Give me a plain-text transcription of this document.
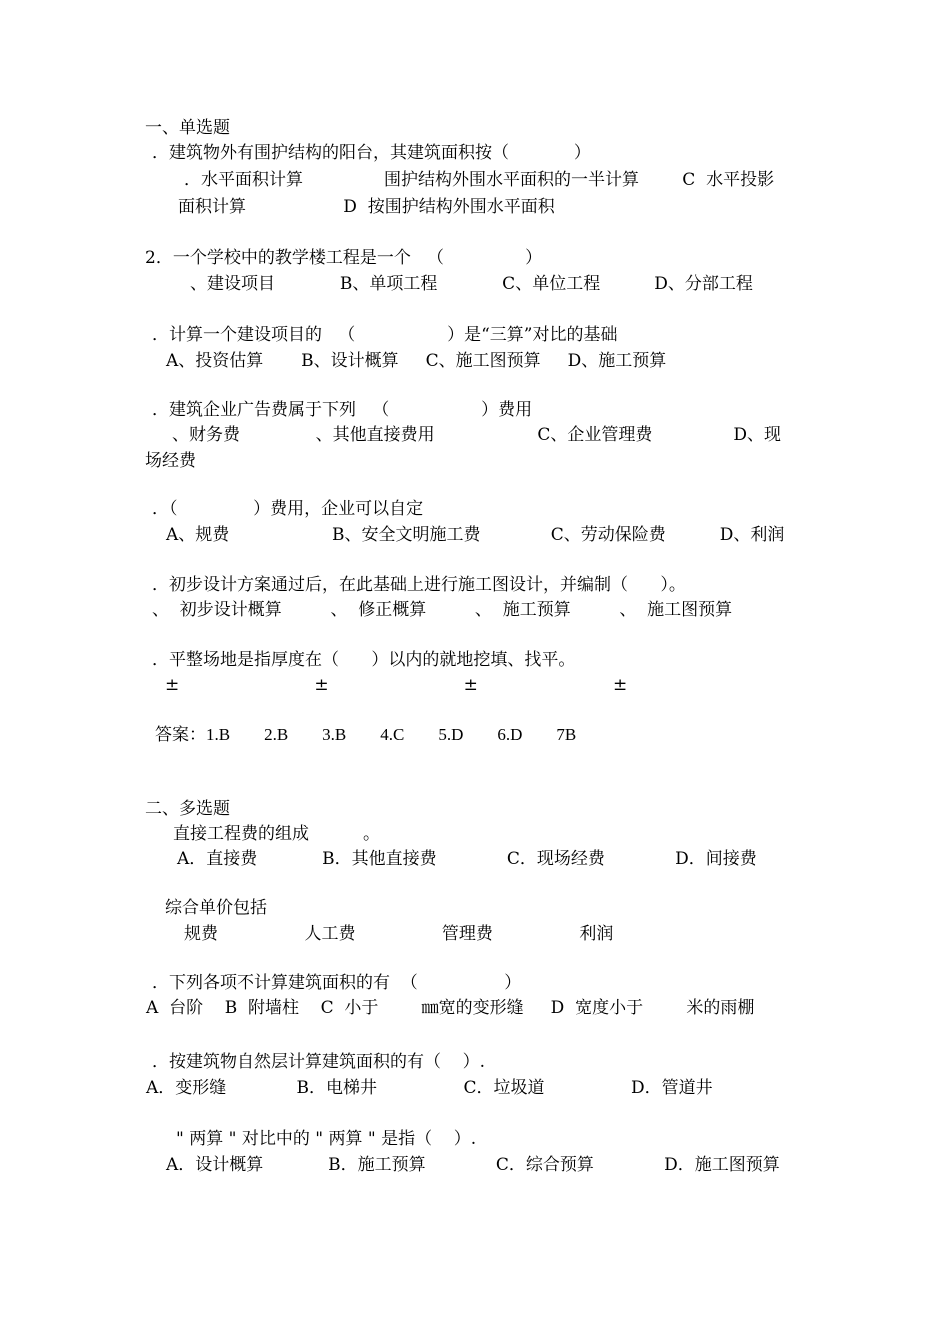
一、单选题
．建筑物外有围护结构的阳台，其建筑面积按（            ）
．水平面积计算               围护结构外围水平面积的一半计算        C  水平投影
面积计算                  D  按围护结构外围水平面积
2．一个学校中的教学楼工程是一个   （               ）
、建设项目            B、单项工程            C、单位工程          D、分部工程
．计算一个建设项目的   （                 ）是“三算”对比的基础
A、投资估算       B、设计概算     C、施工图预算     D、施工预算
．建筑企业广告费属于下列   （                 ）费用
、财务费              、其他直接费用                   C、企业管理费               D、现
场经费
．（              ）费用，企业可以自定
A、规费                   B、安全文明施工费             C、劳动保险费          D、利润
．初步设计方案通过后，在此基础上进行施工图设计，并编制（      ）。
、  初步设计概算         、  修正概算         、  施工预算         、  施工图预算
．平整场地是指厚度在（      ）以内的就地挖填、找平。
±                         ±                         ±                         ±
答案：1.B        2.B        3.B        4.C        5.D        6.D        7B
二、多选题
直接工程费的组成          。
A．直接费            B．其他直接费             C．现场经费             D．间接费
综合单价包括
规费                人工费                管理费                利润
．下列各项不计算建筑面积的有  （                ）
A  台阶    B  附墙柱    C  小于        ㎜宽的变形缝     D  宽度小于        米的雨棚
．按建筑物自然层计算建筑面积的有（    ）.
A．变形缝             B．电梯井                C．垃圾道                D．管道井
" 两算 " 对比中的 " 两算 " 是指（    ）.
A．设计概算            B．施工预算             C．综合预算             D．施工图预算
